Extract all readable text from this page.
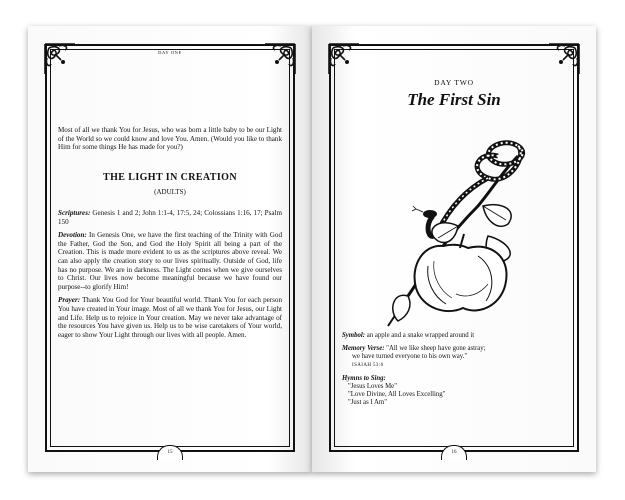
DAY ONE
15

Most of all we thank You for Jesus, who was born a little baby to be our Light of the World so we could know and love You. Amen. (Would you like to thank Him for some things He has made for you?)

THE LIGHT IN CREATION
(ADULTS)

Scriptures: Genesis 1 and 2; John 1:1-4, 17:5, 24; Colossians 1:16, 17; Psalm 150

Devotion: In Genesis One, we have the first teaching of the Trinity with God the Father, God the Son, and God the Holy Spirit all being a part of the Creation. This is made more evident to us as the scriptures above reveal. We can also apply the creation story to our lives spiritually. Outside of God, life has no purpose. We are in darkness. The Light comes when we give ourselves to Christ. Our lives now become meaningful because we have found our purpose--to glorify Him!

Prayer: Thank You God for Your beautiful world. Thank You for each person You have created in Your image. Most of all we thank You for Jesus, our Light and Life. Help us to rejoice in Your creation. May we never take advantage of the resources You have given us. Help us to be wise caretakers of Your world, eager to show Your Light through our lives with all people. Amen.

16
DAY TWO
The First Sin

Symbol: an apple and a snake wrapped around it

Memory Verse: "All we like sheep have gone astray;
we have turned everyone to his own way."
ISAIAH 53:6

Hymns to Sing:
"Jesus Loves Me"
"Love Divine, All Loves Excelling"
"Just as I Am"
